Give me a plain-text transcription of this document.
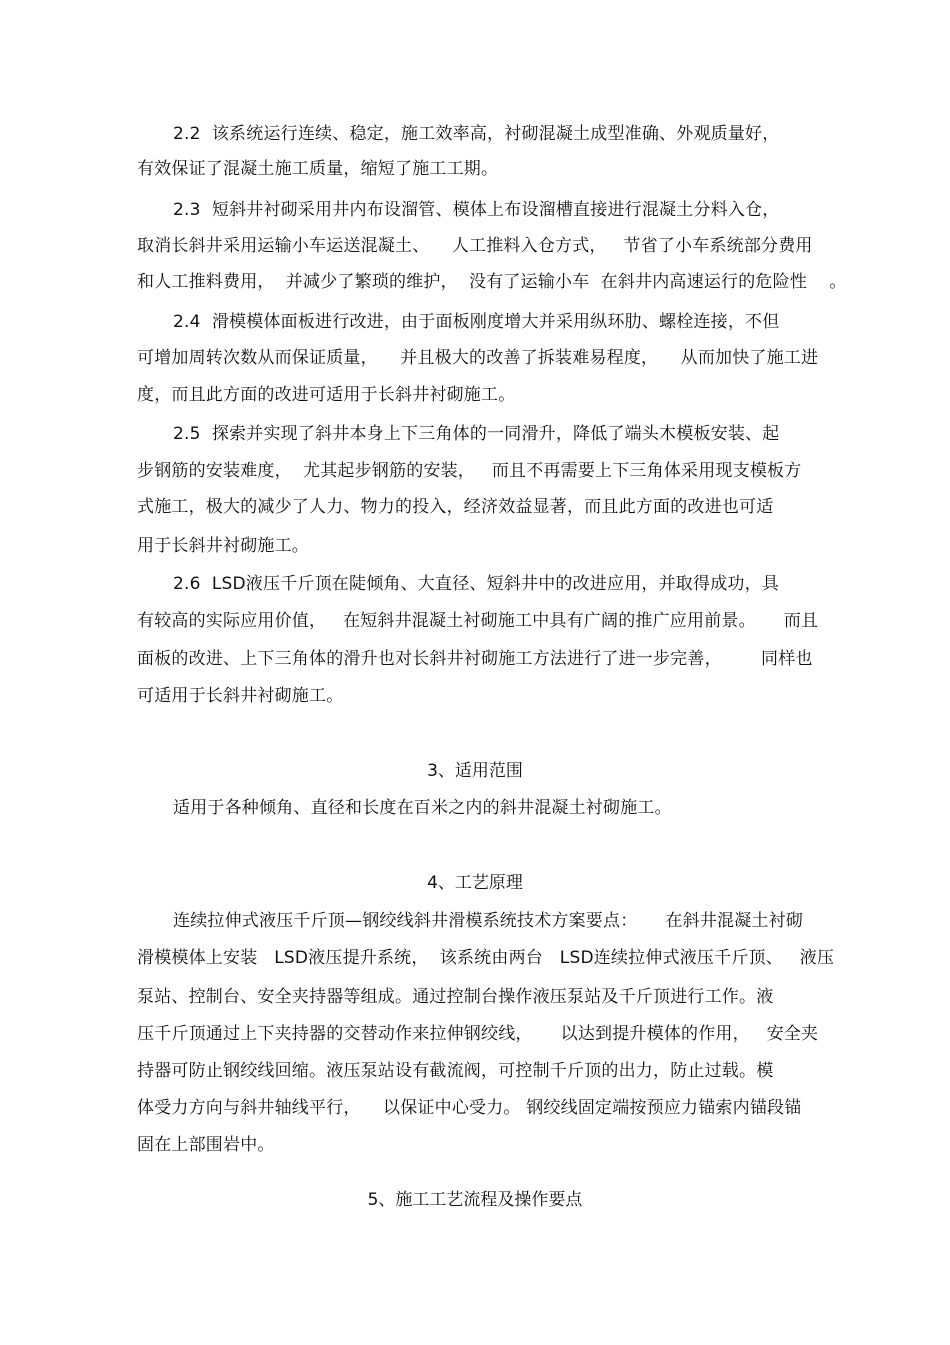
2.2  该系统运行连续、稳定，施工效率高，衬砌混凝土成型准确、外观质量好，
有效保证了混凝土施工质量，缩短了施工工期。
2.3  短斜井衬砌采用井内布设溜管、模体上布设溜槽直接进行混凝土分料入仓，
取消长斜井采用运输小车运送混凝土、    人工推料入仓方式，   节省了小车系统部分费用
和人工推料费用，  并减少了繁琐的维护，  没有了运输小车  在斜井内高速运行的危险性    。
2.4  滑模模体面板进行改进，由于面板刚度增大并采用纵环肋、螺栓连接，不但
可增加周转次数从而保证质量，    并且极大的改善了拆装难易程度，    从而加快了施工进
度，而且此方面的改进可适用于长斜井衬砌施工。
2.5  探索并实现了斜井本身上下三角体的一同滑升，降低了端头木模板安装、起
步钢筋的安装难度，  尤其起步钢筋的安装，   而且不再需要上下三角体采用现支模板方
式施工，极大的减少了人力、物力的投入，经济效益显著，而且此方面的改进也可适
用于长斜井衬砌施工。
2.6  LSD液压千斤顶在陡倾角、大直径、短斜井中的改进应用，并取得成功，具
有较高的实际应用价值，   在短斜井混凝土衬砌施工中具有广阔的推广应用前景。     而且
面板的改进、上下三角体的滑升也对长斜井衬砌施工方法进行了进一步完善，       同样也
可适用于长斜井衬砌施工。
3、适用范围
适用于各种倾角、直径和长度在百米之内的斜井混凝土衬砌施工。
4、工艺原理
连续拉伸式液压千斤顶—钢绞线斜井滑模系统技术方案要点：     在斜井混凝土衬砌
滑模模体上安装   LSD液压提升系统，  该系统由两台   LSD连续拉伸式液压千斤顶、   液压
泵站、控制台、安全夹持器等组成。通过控制台操作液压泵站及千斤顶进行工作。液
压千斤顶通过上下夹持器的交替动作来拉伸钢绞线，     以达到提升模体的作用，   安全夹
持器可防止钢绞线回缩。液压泵站设有截流阀，可控制千斤顶的出力，防止过载。模
体受力方向与斜井轴线平行，    以保证中心受力。 钢绞线固定端按预应力锚索内锚段锚
固在上部围岩中。
5、施工工艺流程及操作要点
